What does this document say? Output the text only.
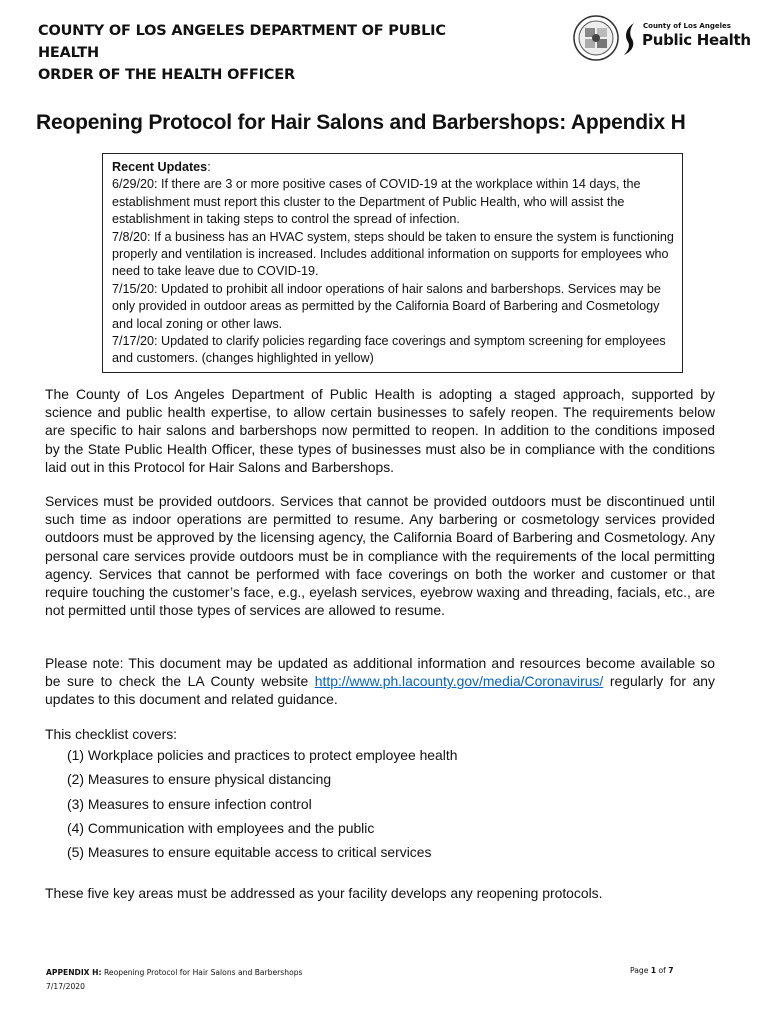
COUNTY OF LOS ANGELES DEPARTMENT OF PUBLIC HEALTH
ORDER OF THE HEALTH OFFICER
County of Los Angeles
Public Health
Reopening Protocol for Hair Salons and Barbershops: Appendix H

Recent Updates:

6/29/20: If there are 3 or more positive cases of COVID-19 at the workplace within 14 days, the establishment must report this cluster to the Department of Public Health, who will assist the establishment in taking steps to control the spread of infection.

7/8/20: If a business has an HVAC system, steps should be taken to ensure the system is functioning properly and ventilation is increased. Includes additional information on supports for employees who need to take leave due to COVID-19.

7/15/20: Updated to prohibit all indoor operations of hair salons and barbershops. Services may be only provided in outdoor areas as permitted by the California Board of Barbering and Cosmetology and local zoning or other laws.

7/17/20: Updated to clarify policies regarding face coverings and symptom screening for employees and customers. (changes highlighted in yellow)

The County of Los Angeles Department of Public Health is adopting a staged approach, supported by science and public health expertise, to allow certain businesses to safely reopen. The requirements below are specific to hair salons and barbershops now permitted to reopen. In addition to the conditions imposed by the State Public Health Officer, these types of businesses must also be in compliance with the conditions laid out in this Protocol for Hair Salons and Barbershops.
Services must be provided outdoors. Services that cannot be provided outdoors must be discontinued until such time as indoor operations are permitted to resume. Any barbering or cosmetology services provided outdoors must be approved by the licensing agency, the California Board of Barbering and Cosmetology. Any personal care services provide outdoors must be in compliance with the requirements of the local permitting agency. Services that cannot be performed with face coverings on both the worker and customer or that require touching the customer’s face, e.g., eyelash services, eyebrow waxing and threading, facials, etc., are not permitted until those types of services are allowed to resume.
Please note: This document may be updated as additional information and resources become available so be sure to check the LA County website http://www.ph.lacounty.gov/media/Coronavirus/ regularly for any updates to this document and related guidance.
This checklist covers:
(1) Workplace policies and practices to protect employee health
(2) Measures to ensure physical distancing
(3) Measures to ensure infection control
(4) Communication with employees and the public
(5) Measures to ensure equitable access to critical services
These five key areas must be addressed as your facility develops any reopening protocols.
APPENDIX H: Reopening Protocol for Hair Salons and Barbershops
7/17/2020
Page 1 of 7
